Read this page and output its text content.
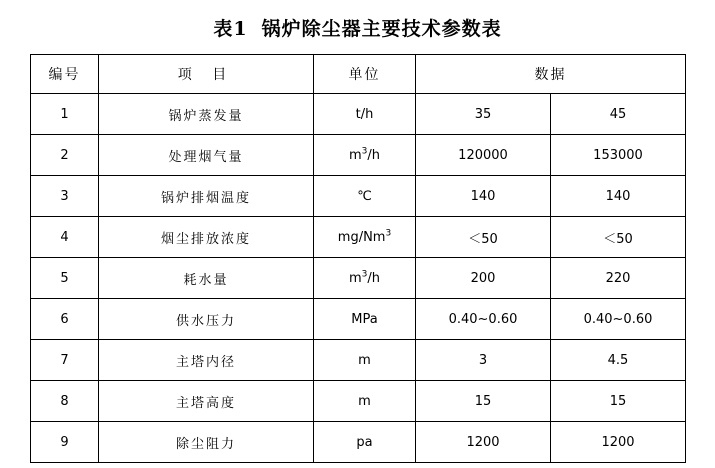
表1 锅炉除尘器主要技术参数表
编号	项 目	单位	数据	
1	锅炉蒸发量	t/h	35	45
2	处理烟气量	$m^3/h$	120000	153000
3	锅炉排烟温度	℃	140	140
4	烟尘排放浓度	$mg/Nm^3$	＜50	＜50
5	耗水量	$m^3/h$	200	220
6	供水压力	MPa	0.40~0.60	0.40~0.60
7	主塔内径	m	3	4.5
8	主塔高度	m	15	15
9	除尘阻力	pa	1200	1200
